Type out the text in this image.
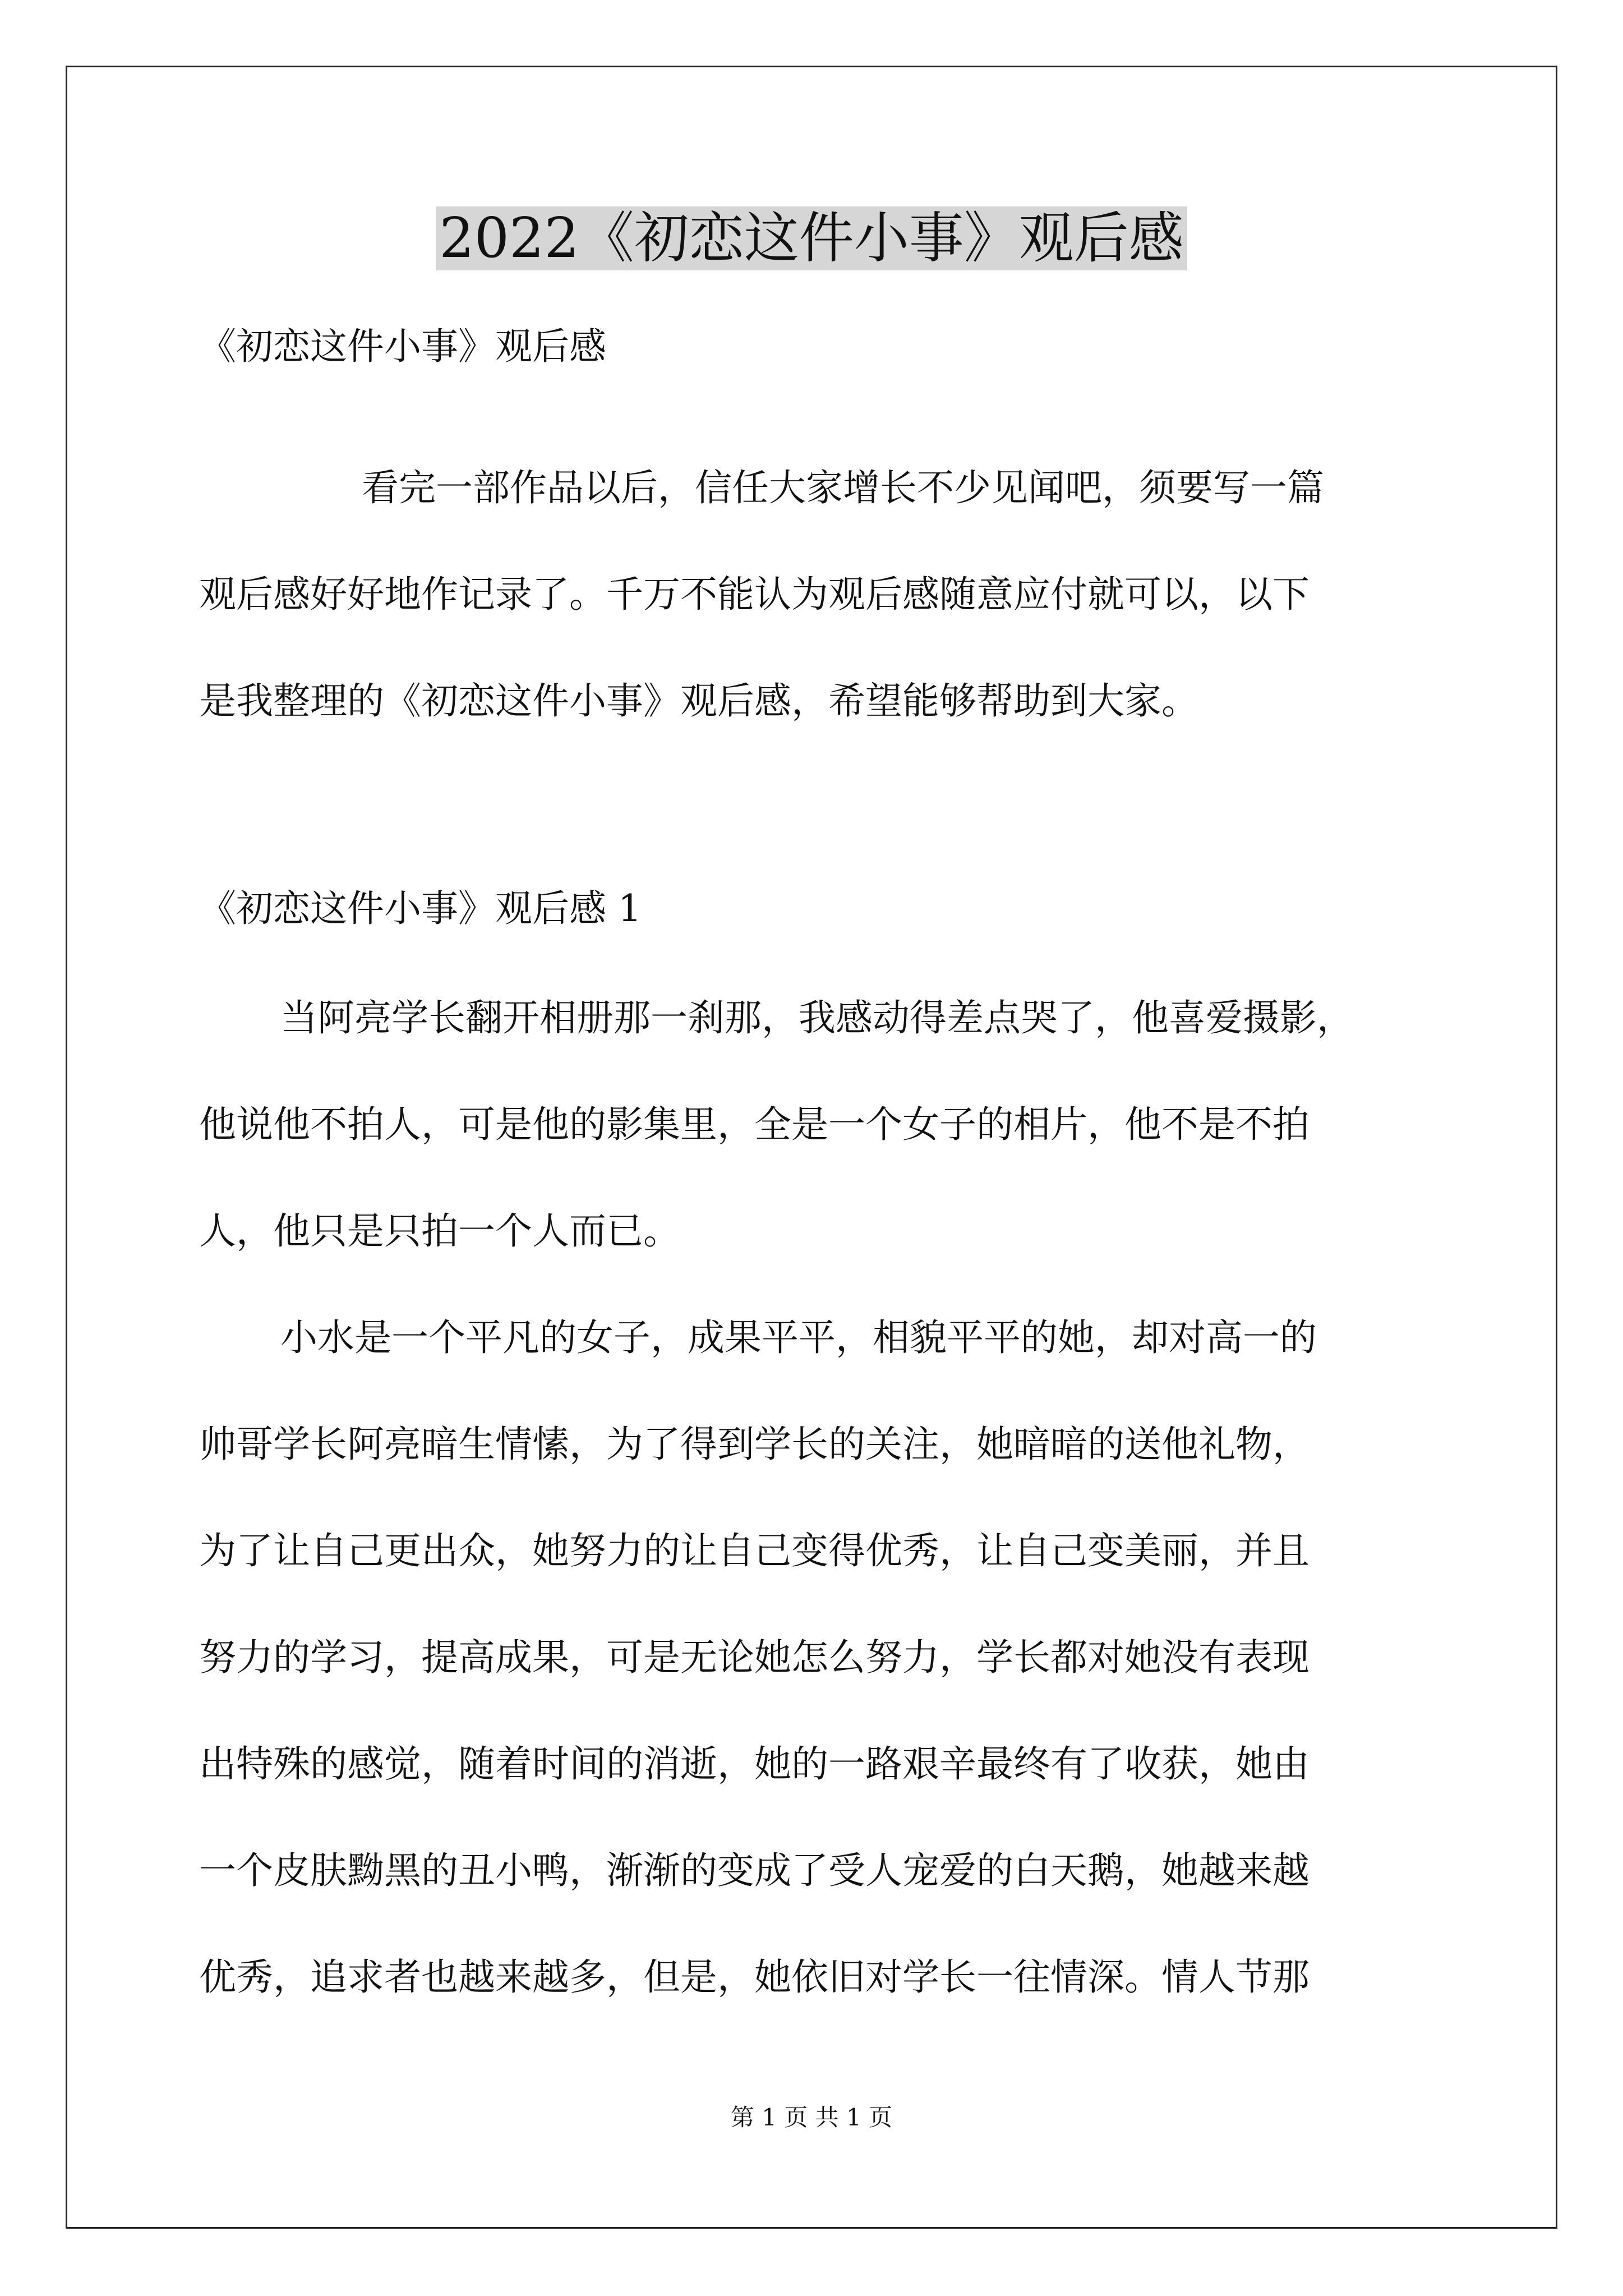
2022《初恋这件小事》观后感
《初恋这件小事》观后感
看完一部作品以后，信任大家增长不少见闻吧，须要写一篇
观后感好好地作记录了。千万不能认为观后感随意应付就可以，以下
是我整理的《初恋这件小事》观后感，希望能够帮助到大家。
《初恋这件小事》观后感 1
当阿亮学长翻开相册那一刹那，我感动得差点哭了，他喜爱摄影，
他说他不拍人，可是他的影集里，全是一个女子的相片，他不是不拍
人，他只是只拍一个人而已。
小水是一个平凡的女子，成果平平，相貌平平的她，却对高一的
帅哥学长阿亮暗生情愫，为了得到学长的关注，她暗暗的送他礼物，
为了让自己更出众，她努力的让自己变得优秀，让自己变美丽，并且
努力的学习，提高成果，可是无论她怎么努力，学长都对她没有表现
出特殊的感觉，随着时间的消逝，她的一路艰辛最终有了收获，她由
一个皮肤黝黑的丑小鸭，渐渐的变成了受人宠爱的白天鹅，她越来越
优秀，追求者也越来越多，但是，她依旧对学长一往情深。情人节那
第 1 页 共 1 页
